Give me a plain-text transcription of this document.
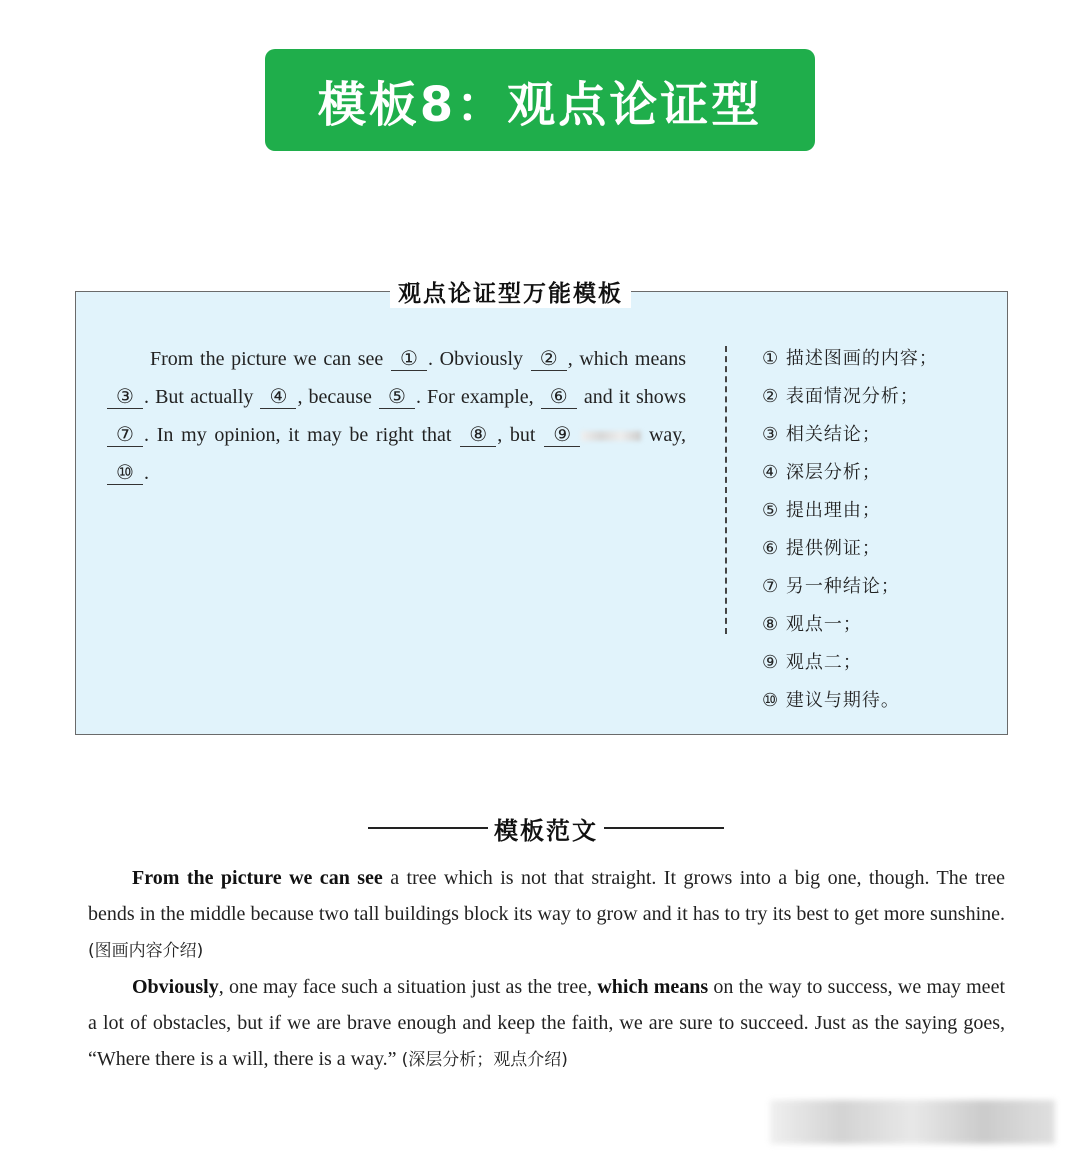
模板8：观点论证型
观点论证型万能模板
From the picture we can see ① . Obviously ② , which means ③ . But actually ④ , because ⑤ . For example, ⑥ and it shows ⑦ . In my opinion, it may be right that ⑧ , but ⑨	way, ⑩ .
① 描述图画的内容；
② 表面情况分析；
③ 相关结论；
④ 深层分析；
⑤ 提出理由；
⑥ 提供例证；
⑦ 另一种结论；
⑧ 观点一；
⑨ 观点二；
⑩ 建议与期待。
模板范文

From the picture we can see a tree which is not that straight. It grows into a big one, though. The tree bends in the middle because two tall buildings block its way to grow and it has to try its best to get more sunshine. (图画内容介绍)

Obviously, one may face such a situation just as the tree, which means on the way to success, we may meet a lot of obstacles, but if we are brave enough and keep the faith, we are sure to succeed. Just as the saying goes, “Where there is a will, there is a way.” (深层分析；观点介绍)
